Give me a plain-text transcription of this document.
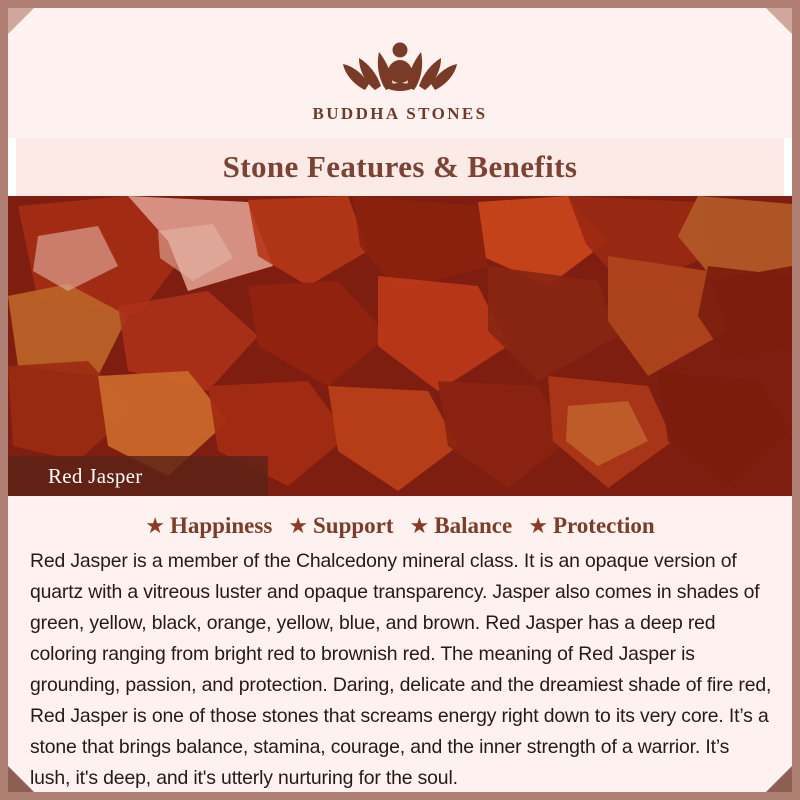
BUDDHA STONES
Stone Features & Benefits
Red Jasper
★ Happiness ★ Support ★ Balance ★ Protection
Red Jasper is a member of the Chalcedony mineral class. It is an opaque version of quartz with a vitreous luster and opaque transparency. Jasper also comes in shades of green, yellow, black, orange, yellow, blue, and brown. Red Jasper has a deep red coloring ranging from bright red to brownish red. The meaning of Red Jasper is grounding, passion, and protection. Daring, delicate and the dreamiest shade of fire red, Red Jasper is one of those stones that screams energy right down to its very core. It’s a stone that brings balance, stamina, courage, and the inner strength of a warrior. It’s lush, it's deep, and it's utterly nurturing for the soul.
